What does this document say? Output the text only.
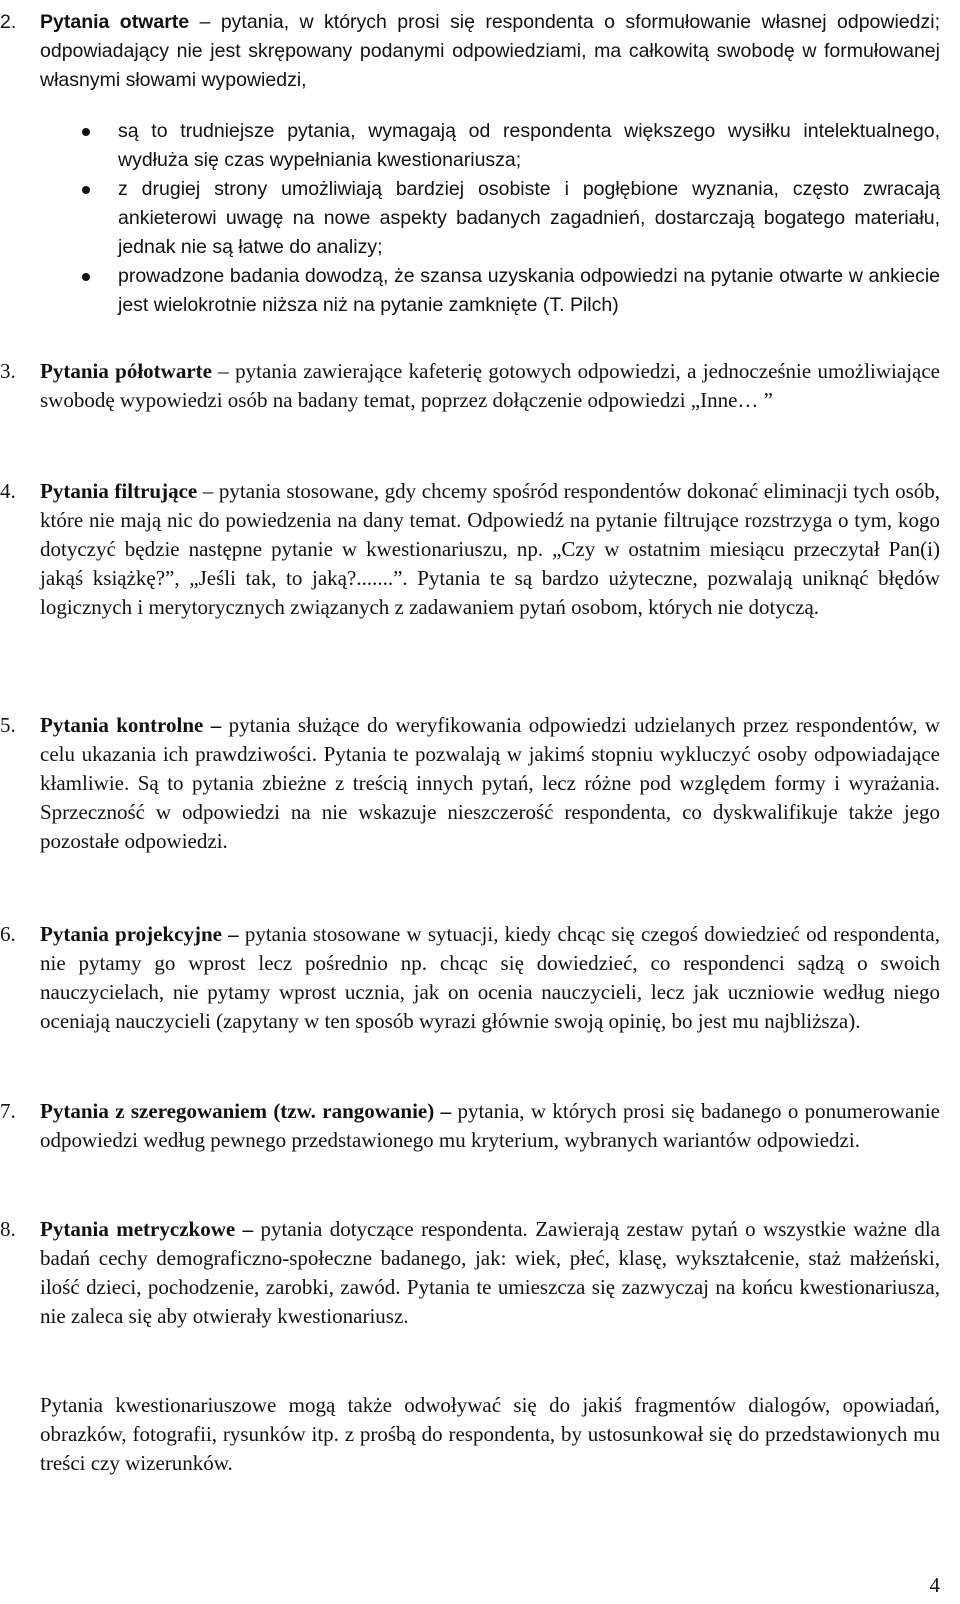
2. Pytania otwarte – pytania, w których prosi się respondenta o sformułowanie własnej odpowiedzi; odpowiadający nie jest skrępowany podanymi odpowiedziami, ma całkowitą swobodę w formułowanej własnymi słowami wypowiedzi,
są to trudniejsze pytania, wymagają od respondenta większego wysiłku intelektualnego, wydłuża się czas wypełniania kwestionariusza;
z drugiej strony umożliwiają bardziej osobiste i pogłębione wyznania, często zwracają ankieterowi uwagę na nowe aspekty badanych zagadnień, dostarczają bogatego materiału, jednak nie są łatwe do analizy;
prowadzone badania dowodzą, że szansa uzyskania odpowiedzi na pytanie otwarte w ankiecie jest wielokrotnie niższa niż na pytanie zamknięte (T. Pilch)
3. Pytania półotwarte – pytania zawierające kafeterię gotowych odpowiedzi, a jednocześnie umożliwiające swobodę wypowiedzi osób na badany temat, poprzez dołączenie odpowiedzi „Inne… ”
4. Pytania filtrujące – pytania stosowane, gdy chcemy spośród respondentów dokonać eliminacji tych osób, które nie mają nic do powiedzenia na dany temat. Odpowiedź na pytanie filtrujące rozstrzyga o tym, kogo dotyczyć będzie następne pytanie w kwestionariuszu, np. „Czy w ostatnim miesiącu przeczytał Pan(i) jakąś książkę?”, „Jeśli tak, to jaką?.......”. Pytania te są bardzo użyteczne, pozwalają uniknąć błędów logicznych i merytorycznych związanych z zadawaniem pytań osobom, których nie dotyczą.
5. Pytania kontrolne – pytania służące do weryfikowania odpowiedzi udzielanych przez respondentów, w celu ukazania ich prawdziwości. Pytania te pozwalają w jakimś stopniu wykluczyć osoby odpowiadające kłamliwie. Są to pytania zbieżne z treścią innych pytań, lecz różne pod względem formy i wyrażania. Sprzeczność w odpowiedzi na nie wskazuje nieszczerość respondenta, co dyskwalifikuje także jego pozostałe odpowiedzi.
6. Pytania projekcyjne – pytania stosowane w sytuacji, kiedy chcąc się czegoś dowiedzieć od respondenta, nie pytamy go wprost lecz pośrednio np. chcąc się dowiedzieć, co respondenci sądzą o swoich nauczycielach, nie pytamy wprost ucznia, jak on ocenia nauczycieli, lecz jak uczniowie według niego oceniają nauczycieli (zapytany w ten sposób wyrazi głównie swoją opinię, bo jest mu najbliższa).
7. Pytania z szeregowaniem (tzw. rangowanie) – pytania, w których prosi się badanego o ponumerowanie odpowiedzi według pewnego przedstawionego mu kryterium, wybranych wariantów odpowiedzi.
8. Pytania metryczkowe – pytania dotyczące respondenta. Zawierają zestaw pytań o wszystkie ważne dla badań cechy demograficzno-społeczne badanego, jak: wiek, płeć, klasę, wykształcenie, staż małżeński, ilość dzieci, pochodzenie, zarobki, zawód. Pytania te umieszcza się zazwyczaj na końcu kwestionariusza, nie zaleca się aby otwierały kwestionariusz.
Pytania kwestionariuszowe mogą także odwoływać się do jakiś fragmentów dialogów, opowiadań, obrazków, fotografii, rysunków itp. z prośbą do respondenta, by ustosunkował się do przedstawionych mu treści czy wizerunków.
4
